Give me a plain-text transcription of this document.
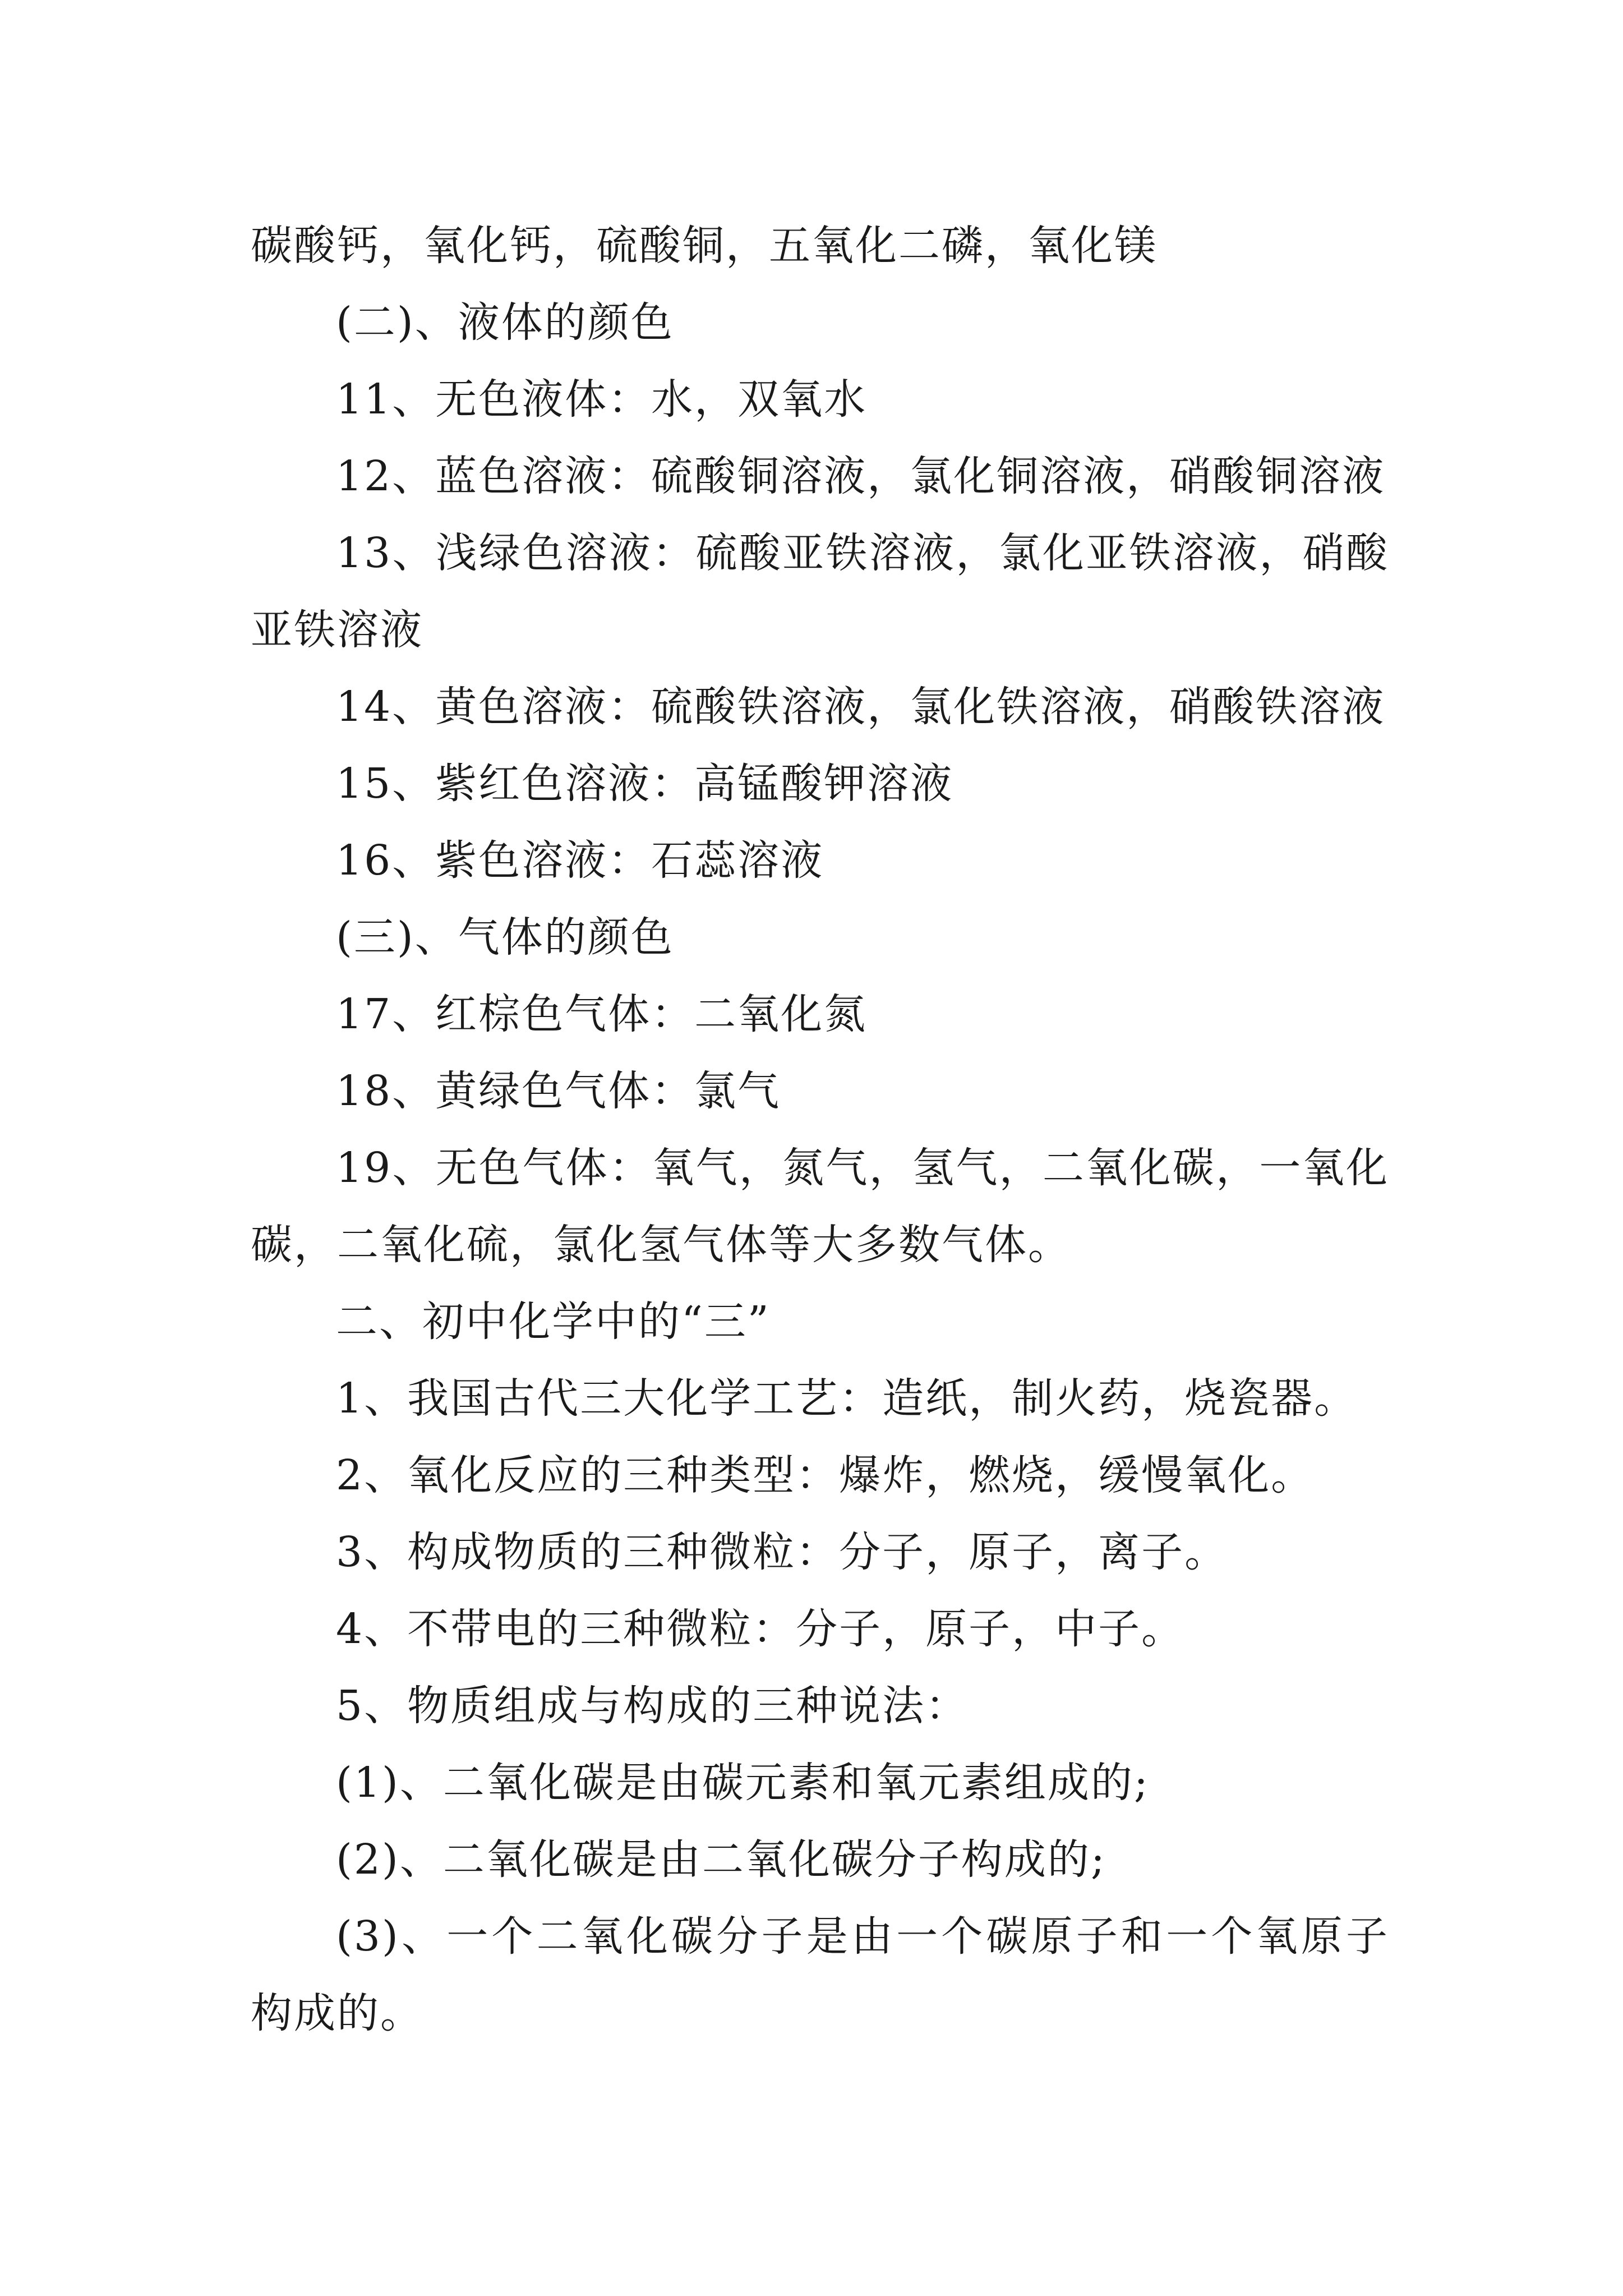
碳酸钙，氧化钙，硫酸铜，五氧化二磷，氧化镁

(二)、液体的颜色

11、无色液体：水，双氧水

12、蓝色溶液：硫酸铜溶液，氯化铜溶液，硝酸铜溶液

13、浅绿色溶液：硫酸亚铁溶液，氯化亚铁溶液，硝酸亚铁溶液

14、黄色溶液：硫酸铁溶液，氯化铁溶液，硝酸铁溶液

15、紫红色溶液：高锰酸钾溶液

16、紫色溶液：石蕊溶液

(三)、气体的颜色

17、红棕色气体：二氧化氮

18、黄绿色气体：氯气

19、无色气体：氧气，氮气，氢气，二氧化碳，一氧化碳，二氧化硫，氯化氢气体等大多数气体。

二、初中化学中的“三”

1、我国古代三大化学工艺：造纸，制火药，烧瓷器。

2、氧化反应的三种类型：爆炸，燃烧，缓慢氧化。

3、构成物质的三种微粒：分子，原子，离子。

4、不带电的三种微粒：分子，原子，中子。

5、物质组成与构成的三种说法：

(1)、二氧化碳是由碳元素和氧元素组成的;

(2)、二氧化碳是由二氧化碳分子构成的;

(3)、一个二氧化碳分子是由一个碳原子和一个氧原子构成的。
